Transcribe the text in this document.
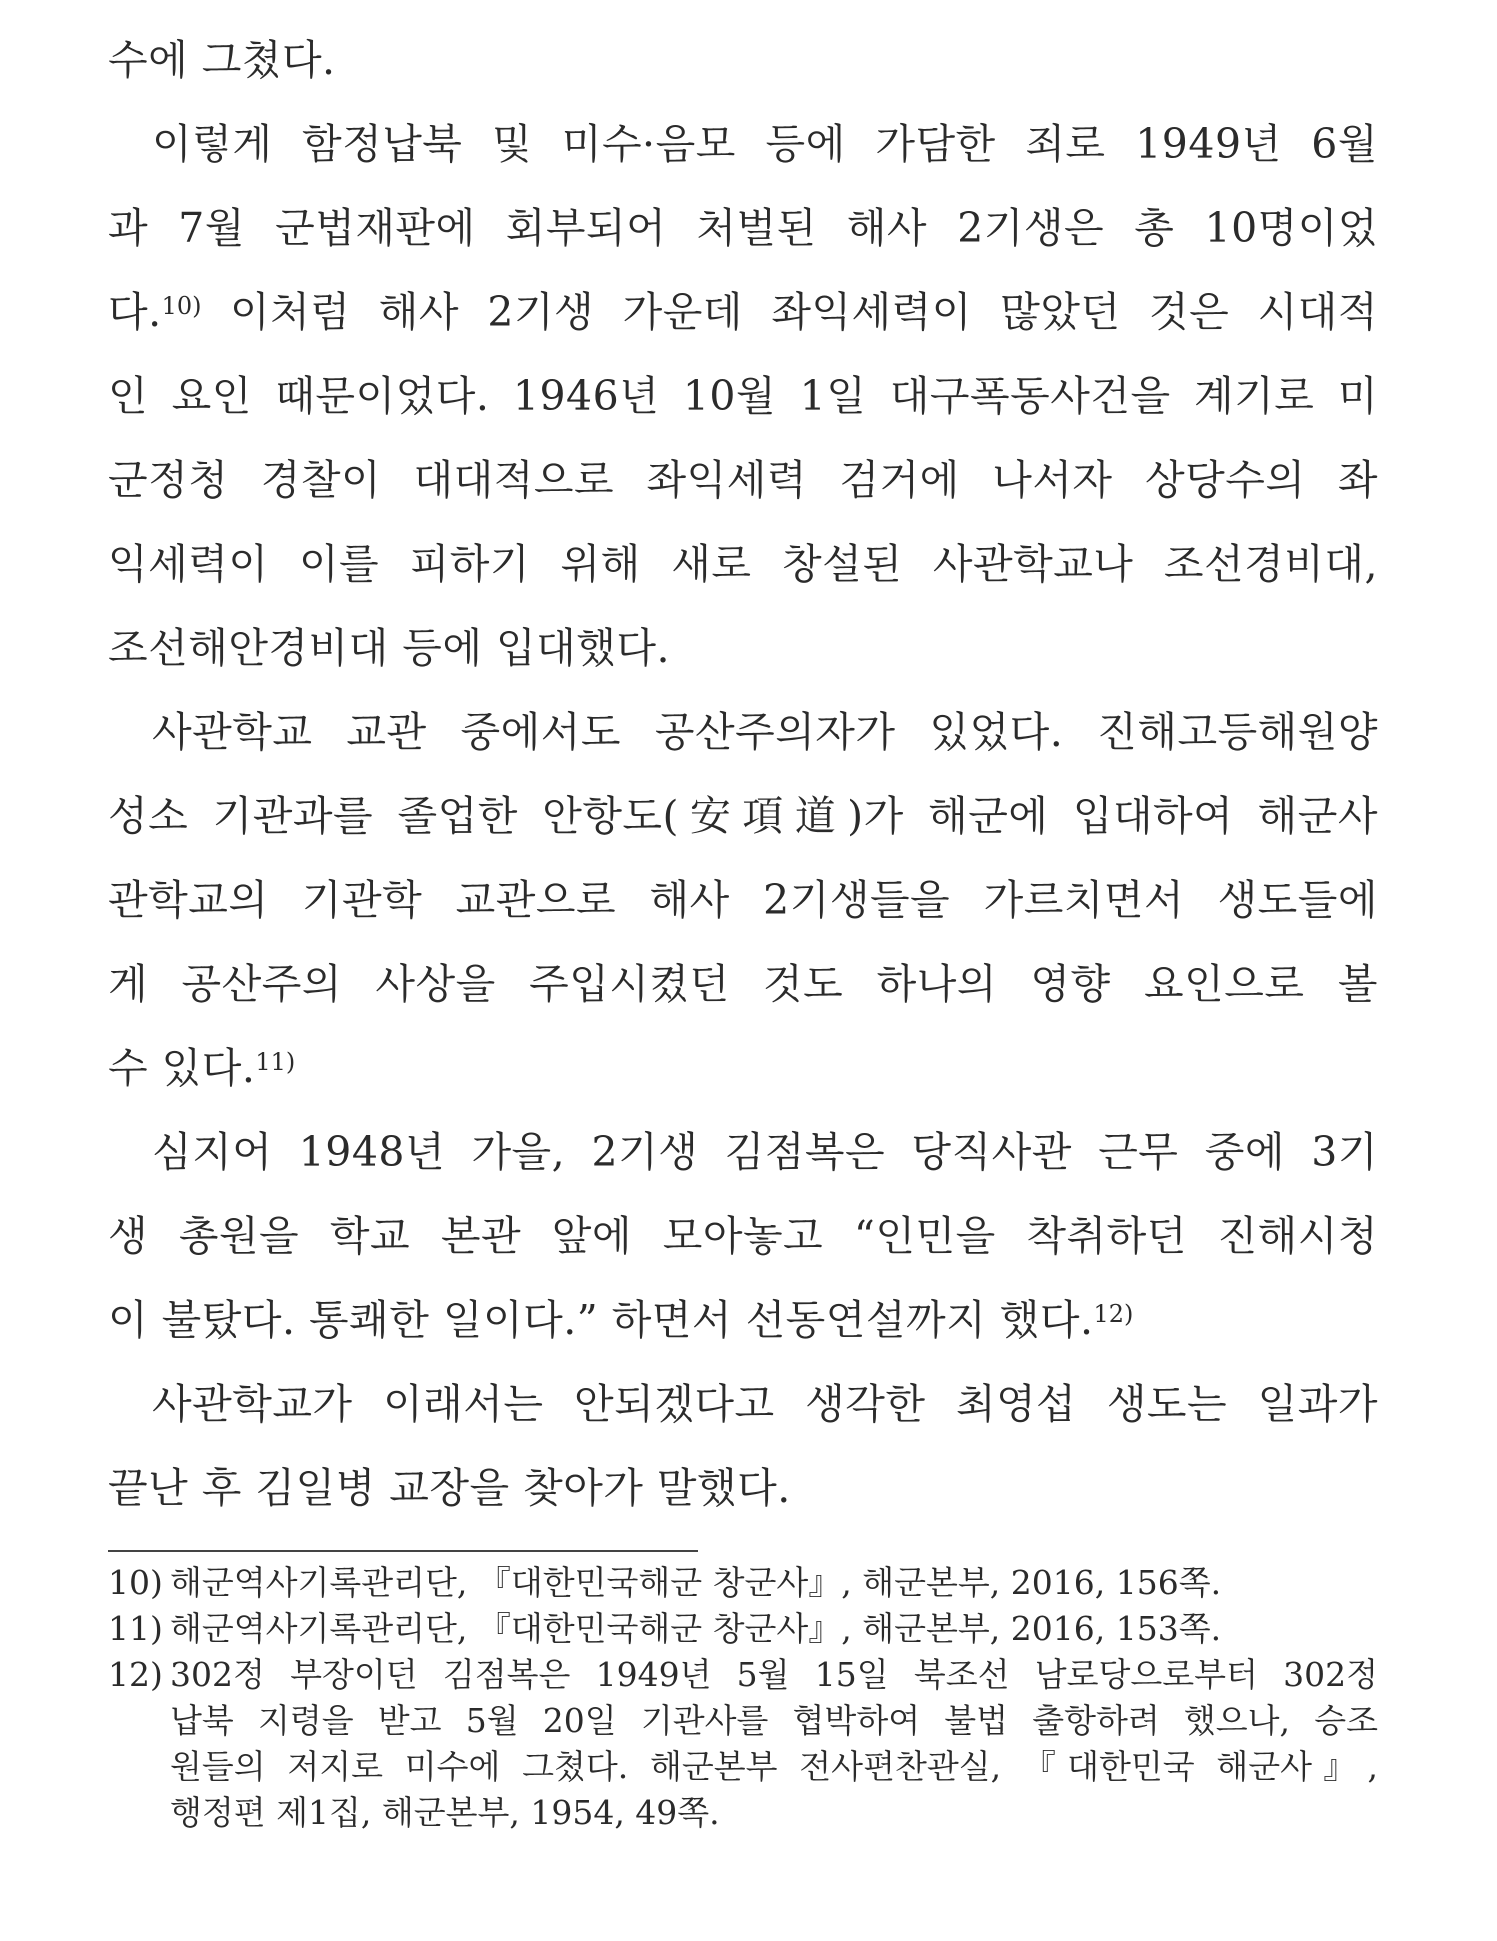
수에 그쳤다.
이렇게 함정납북 및 미수·음모 등에 가담한 죄로 1949년 6월
과 7월 군법재판에 회부되어 처벌된 해사 2기생은 총 10명이었
다.$^{10)}$ 이처럼 해사 2기생 가운데 좌익세력이 많았던 것은 시대적
인 요인 때문이었다. 1946년 10월 1일 대구폭동사건을 계기로 미
군정청 경찰이 대대적으로 좌익세력 검거에 나서자 상당수의 좌
익세력이 이를 피하기 위해 새로 창설된 사관학교나 조선경비대,
조선해안경비대 등에 입대했다.
사관학교 교관 중에서도 공산주의자가 있었다. 진해고등해원양
성소 기관과를 졸업한 안항도(安項道)가 해군에 입대하여 해군사
관학교의 기관학 교관으로 해사 2기생들을 가르치면서 생도들에
게 공산주의 사상을 주입시켰던 것도 하나의 영향 요인으로 볼
수 있다.$^{11)}$
심지어 1948년 가을, 2기생 김점복은 당직사관 근무 중에 3기
생 총원을 학교 본관 앞에 모아놓고 “인민을 착취하던 진해시청
이 불탔다. 통쾌한 일이다.” 하면서 선동연설까지 했다.$^{12)}$
사관학교가 이래서는 안되겠다고 생각한 최영섭 생도는 일과가
끝난 후 김일병 교장을 찾아가 말했다.
10) 해군역사기록관리단, 『대한민국해군 창군사』, 해군본부, 2016, 156쪽.
11) 해군역사기록관리단, 『대한민국해군 창군사』, 해군본부, 2016, 153쪽.
12) 302정 부장이던 김점복은 1949년 5월 15일 북조선 남로당으로부터 302정
납북 지령을 받고 5월 20일 기관사를 협박하여 불법 출항하려 했으나, 승조
원들의 저지로 미수에 그쳤다. 해군본부 전사편찬관실, 『대한민국 해군사』,
행정편 제1집, 해군본부, 1954, 49쪽.
